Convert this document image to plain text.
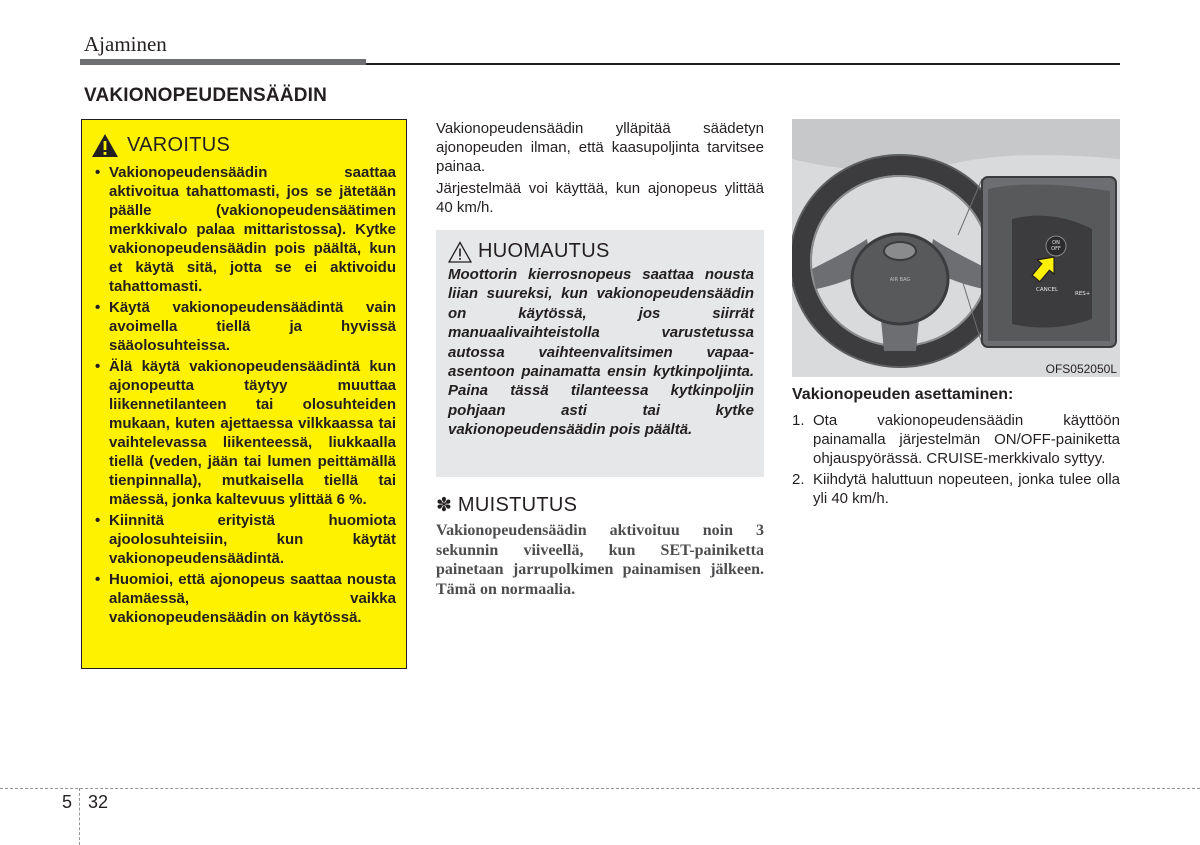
Ajaminen
VAKIONOPEUDENSÄÄDIN
VAROITUS
• Vakionopeudensäädin saattaa aktivoitua tahattomasti, jos se jätetään päälle (vakionopeudensäätimen merkkivalo palaa mittaristossa). Kytke vakionopeudensäädin pois päältä, kun et käytä sitä, jotta se ei aktivoidu tahattomasti.
• Käytä vakionopeudensäädintä vain avoimella tiellä ja hyvissä sääolosuhteissa.
• Älä käytä vakionopeudensäädintä kun ajonopeutta täytyy muuttaa liikennetilanteen tai olosuhteiden mukaan, kuten ajettaessa vilkkaassa tai vaihtelevassa liikenteessä, liukkaalla tiellä (veden, jään tai lumen peittämällä tienpinnalla), mutkaisella tiellä tai mäessä, jonka kaltevuus ylittää 6 %.
• Kiinnitä erityistä huomiota ajoolosuhteisiin, kun käytät vakionopeudensäädintä.
• Huomioi, että ajonopeus saattaa nousta alamäessä, vaikka vakionopeudensäädin on käytössä.

Vakionopeudensäädin ylläpitää säädetyn ajonopeuden ilman, että kaasupoljinta tarvitsee painaa.

Järjestelmää voi käyttää, kun ajonopeus ylittää 40 km/h.

HUOMAUTUS

Moottorin kierrosnopeus saattaa nousta liian suureksi, kun vakionopeudensäädin on käytössä, jos siirrät manuaalivaihteistolla varustetussa autossa vaihteenvalitsimen vapaa-asentoon painamatta ensin kytkinpoljinta. Paina tässä tilanteessa kytkinpoljin pohjaan asti tai kytke vakionopeudensäädin pois päältä.

✽ MUISTUTUS

Vakionopeudensäädin aktivoituu noin 3 sekunnin viiveellä, kun SET-painiketta painetaan jarrupolkimen painamisen jälkeen. Tämä on normaalia.

AIR BAG
ON
OFF
CANCEL
RES+
OFS052050L
Vakionopeuden asettaminen:
1. Ota vakionopeudensäädin käyttöön painamalla järjestelmän ON/OFF-painiketta ohjauspyörässä. CRUISE-merkkivalo syttyy.
2. Kiihdytä haluttuun nopeuteen, jonka tulee olla yli 40 km/h.
5 32
